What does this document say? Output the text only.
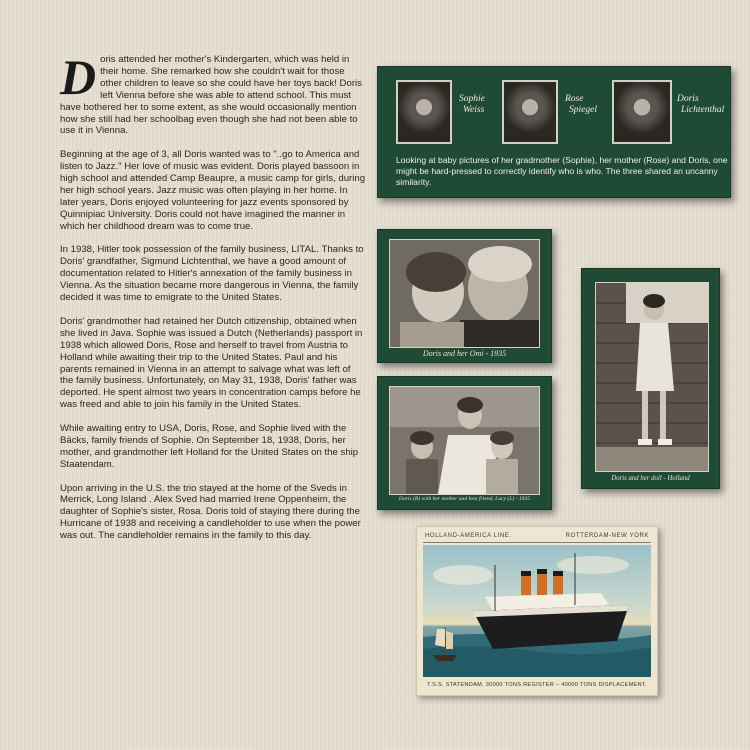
Doris attended her mother's Kindergarten, which was held in their home. She remarked how she couldn't wait for those other children to leave so she could have her toys back! Doris left Vienna before she was able to attend school. This must have bothered her to some extent, as she would occasionally mention how she still had her schoolbag even though she had not been able to use it in Vienna.

Beginning at the age of 3, all Doris wanted was to "..go to America and listen to Jazz." Her love of music was evident. Doris played bassoon in high school and attended Camp Beaupre, a music camp for girls, during her high school years. Jazz music was often playing in her home. In later years, Doris enjoyed volunteering for jazz events sponsored by Quinnipiac University. Doris could not have imagined the manner in which her childhood dream was to come true.

In 1938, Hitler took possession of the family business, LITAL. Thanks to Doris' grandfather, Sigmund Lichtenthal, we have a good amount of documentation related to Hitler's annexation of the family business in Vienna. As the situation became more dangerous in Vienna, the family decided it was time to emigrate to the United States.

Doris' grandmother had retained her Dutch citizenship, obtained when she lived in Java. Sophie was issued a Dutch (Netherlands) passport in 1938 which allowed Doris, Rose and herself to travel from Austria to Holland while awaiting their trip to the United States. Paul and his parents remained in Vienna in an attempt to salvage what was left of the family business. Unfortunately, on May 31, 1938, Doris' father was deported. He spent almost two years in concentration camps before he was freed and able to join his family in the United States.

While awaiting entry to USA, Doris, Rose, and Sophie lived with the Bäcks, family friends of Sophie. On September 18, 1938, Doris, her mother, and grandmother left Holland for the United States on the ship Staatendam.

Upon arriving in the U.S. the trio stayed at the home of the Sveds in Merrick, Long Island . Alex Sved had married Irene Oppenheim, the daughter of Sophie's sister, Rosa. Doris told of staying there during the Hurricane of 1938 and receiving a candleholder to use when the power was out. The candleholder remains in the family to this day.

Sophie
Weiss
Rose
Spiegel
Doris
Lichtenthal
Looking at baby pictures of her gradmother (Sophie), her mother (Rose) and Doris, one might be hard-pressed to correctly identify who is who. The three shared an uncanny similarity.
Doris and her Omi - 1935
Doris and her doll - Holland
Doris (R) with her mother and best friend, Lucy (L) - 1935
HOLLAND-AMERICA LINE.	ROTTERDAM-NEW YORK
T.S.S. STATENDAM. 30000 TONS REGISTER – 40000 TONS DISPLACEMENT.
